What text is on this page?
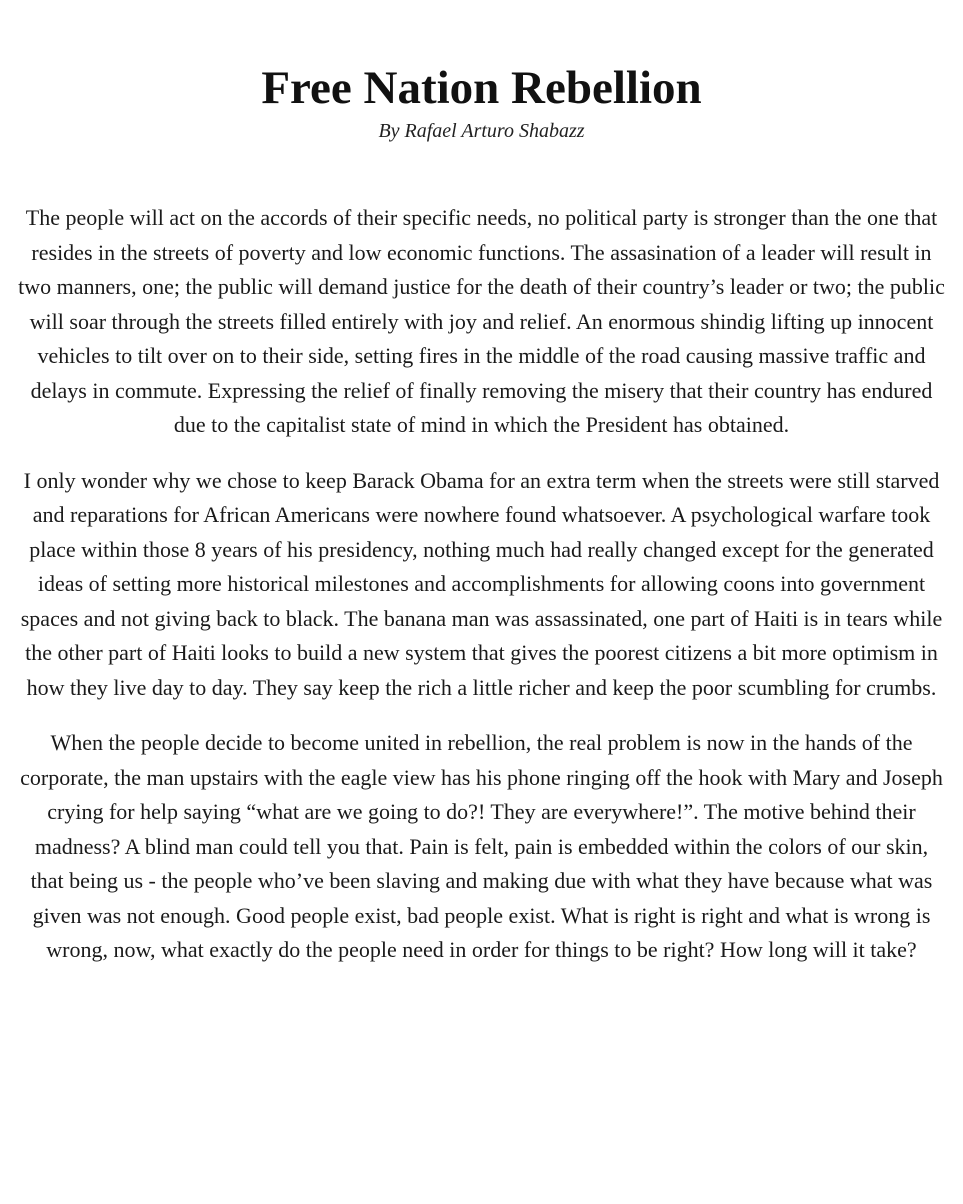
Free Nation Rebellion
By Rafael Arturo Shabazz

The people will act on the accords of their specific needs, no political party is stronger than the one that resides in the streets of poverty and low economic functions. The assasination of a leader will result in two manners, one; the public will demand justice for the death of their country’s leader or two; the public will soar through the streets filled entirely with joy and relief. An enormous shindig lifting up innocent vehicles to tilt over on to their side, setting fires in the middle of the road causing massive traffic and delays in commute. Expressing the relief of finally removing the misery that their country has endured due to the capitalist state of mind in which the President has obtained.

I only wonder why we chose to keep Barack Obama for an extra term when the streets were still starved and reparations for African Americans were nowhere found whatsoever. A psychological warfare took place within those 8 years of his presidency, nothing much had really changed except for the generated ideas of setting more historical milestones and accomplishments for allowing coons into government spaces and not giving back to black. The banana man was assassinated, one part of Haiti is in tears while the other part of Haiti looks to build a new system that gives the poorest citizens a bit more optimism in how they live day to day. They say keep the rich a little richer and keep the poor scumbling for crumbs.

When the people decide to become united in rebellion, the real problem is now in the hands of the corporate, the man upstairs with the eagle view has his phone ringing off the hook with Mary and Joseph crying for help saying “what are we going to do?! They are everywhere!”. The motive behind their madness? A blind man could tell you that. Pain is felt, pain is embedded within the colors of our skin, that being us - the people who’ve been slaving and making due with what they have because what was given was not enough. Good people exist, bad people exist. What is right is right and what is wrong is wrong, now, what exactly do the people need in order for things to be right? How long will it take?
